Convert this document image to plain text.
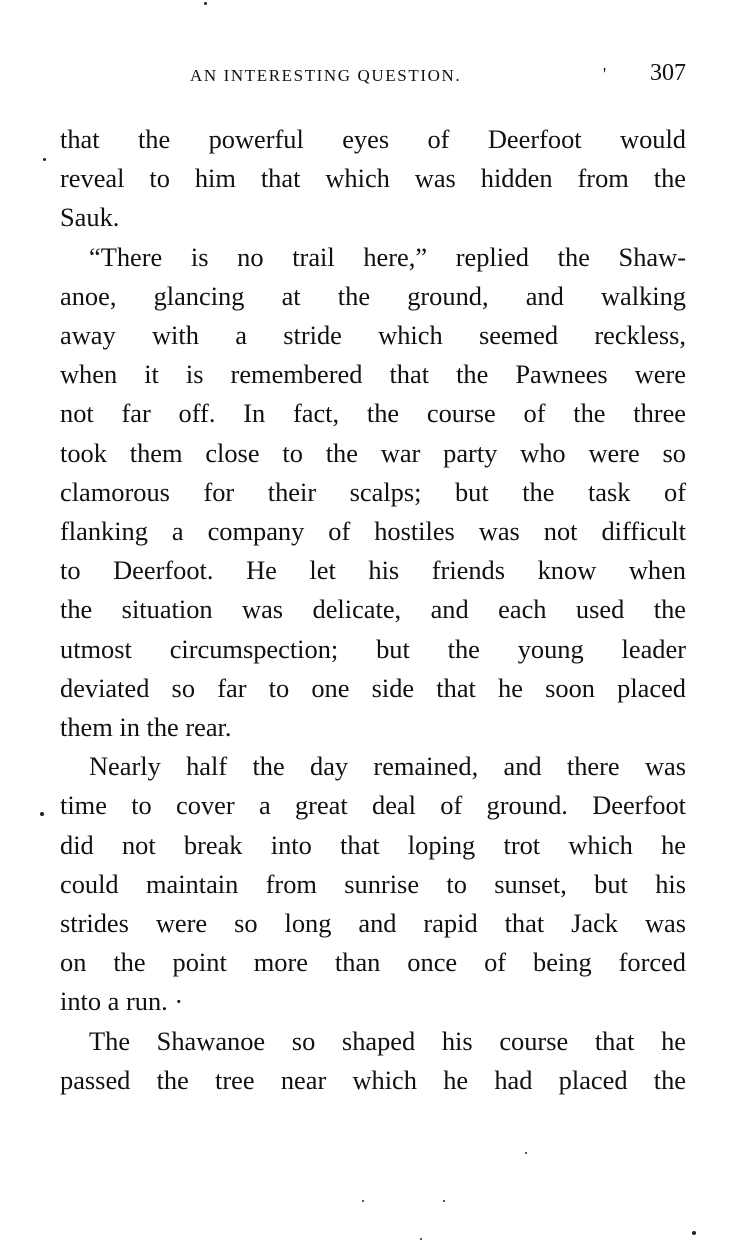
AN INTERESTING QUESTION.	' 307

that the powerful eyes of Deerfoot would
reveal to him that which was hidden from the
Sauk.

“There is no trail here,” replied the Shaw-
anoe, glancing at the ground, and walking
away with a stride which seemed reckless,
when it is remembered that the Pawnees were
not far off. In fact, the course of the three
took them close to the war party who were so
clamorous for their scalps; but the task of
flanking a company of hostiles was not difficult
to Deerfoot. He let his friends know when
the situation was delicate, and each used the
utmost circumspection; but the young leader
deviated so far to one side that he soon placed
them in the rear.

Nearly half the day remained, and there was
time to cover a great deal of ground. Deerfoot
did not break into that loping trot which he
could maintain from sunrise to sunset, but his
strides were so long and rapid that Jack was
on the point more than once of being forced
into a run. ·

The Shawanoe so shaped his course that he
passed the tree near which he had placed the
